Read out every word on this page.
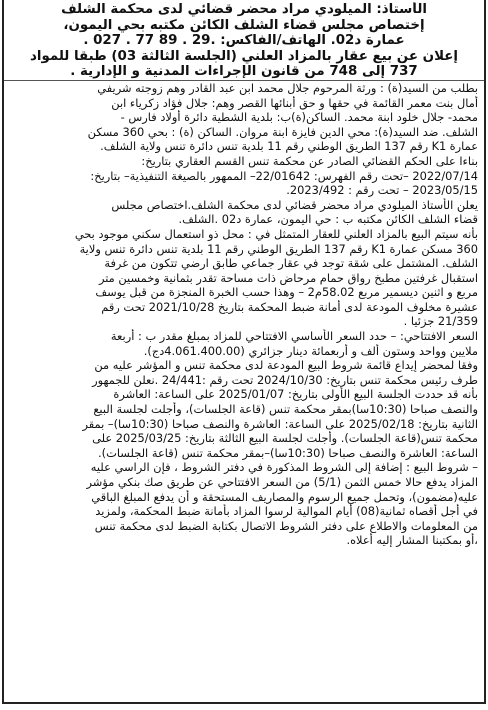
الأستاذ: الميلودي مراد محضر قضائي لدى محكمة الشلف
إختصاص مجلس قضاء الشلف الكائن مكتبه بحي اليمون،
عمارة د02. الهاتف/الفاكس: .29 . 89 77 . 027 .
إعلان عن بيع عقار بالمزاد العلني (الجلسة الثالثة 03) طبقا للمواد
737 إلى 748 من قانون الإجراءات المدنية و الإدارية .
بطلب من السيد(ة) : ورثة المرحوم جلال محمد ابن عبد القادر وهم زوجته شريفي
أمال بنت معمر القائمة في حقها و حق أبنائها القصر وهم: جلال فؤاد زكرياء ابن
محمد- جلال خلود ابنة محمد. الساكن(ة)ب: بلدية الشطية دائرة أولاد فارس -
الشلف. ضد السيد(ة): محي الدين فايزة ابنة مروان. الساكن (ة) : بحي 360 مسكن
عمارة K1 رقم 137 الطريق الوطني رقم 11 بلدية تنس دائرة تنس ولاية الشلف.
بناءا على الحكم القضائي الصادر عن محكمة تنس القسم العقاري بتاريخ:
2022/07/14 –تحت رقم الفهرس: 22/01642– الممهور بالصيغة التنفيذية– بتاريخ:
2023/05/15 – تحت رقم : 2023/492.
يعلن الأستاذ الميلودي مراد محضر قضائي لدى محكمة الشلف.اختصاص مجلس
قضاء الشلف الكائن مكتبه ب : حي اليمون، عمارة د02 .الشلف.
بأنه سيتم البيع بالمزاد العلني للعقار المتمثل في : محل ذو استعمال سكني موجود بحي
360 مسكن عمارة K1 رقم 137 الطريق الوطني رقم 11 بلدية تنس دائرة تنس ولاية
الشلف. المشتمل على شقة توجد في عقار جماعي طابق ارضي تتكون من غرفة
استقبال غرفتين مطبخ رواق حمام مرحاض ذات مساحة تقدر بثمانية وخمسين متر
مربع و اثنين ديسمير مربع 58.02م2 – وهذا حسب الخبرة المنجزة من قبل يوسف
عشيرة مخلوف المودعة لدى أمانة ضبط المحكمة بتاريخ 2021/10/28 تحت رقم
21/359 جزئيا .
السعر الافتتاحي: – حدد السعر الأساسي الافتتاحي للمزاد بمبلغ مقدر ب : أربعة
ملايين وواحد وستون ألف و أربعمائة دينار جزائري (4.061.400.00دج).
وفقا لمحضر إيداع قائمة شروط البيع المودعة لدى محكمة تنس و المؤشر عليه من
طرف رئيس محكمة تنس بتاريخ: 2024/10/30 تحت رقم :24/441 .نعلن للجمهور
بأنه قد حددت الجلسة البيع الأولى بتاريخ: 2025/01/07 على الساعة: العاشرة
والنصف صباحا (10:30سا)بمقر محكمة تنس (قاعة الجلسات)، وأجلت لجلسة البيع
الثانية بتاريخ: 2025/02/18 على الساعة: العاشرة والنصف صباحا (10:30سا)– بمقر
محكمة تنس(قاعة الجلسات). وأجلت لجلسة البيع الثالثة بتاريخ: 2025/03/25 على
الساعة: العاشرة والنصف صباحا (10:30سا)–بمقر محكمة تنس (قاعة الجلسات).
– شروط البيع : إضافة إلى الشروط المذكورة في دفتر الشروط ، فإن الراسي عليه
المزاد يدفع حالا خمس الثمن (5/1) من السعر الافتتاحي عن طريق صك بنكي مؤشر
عليه(مضمون)، وتحمل جميع الرسوم والمصاريف المستحقة و أن يدفع المبلغ الباقي
في أجل أقصاه ثمانية(08) أيام الموالية لرسوا المزاد بأمانة ضبط المحكمة، ولمزيد
من المعلومات والاطلاع على دفتر الشروط الاتصال بكتابة الضبط لدى محكمة تنس
،أو بمكتبنا المشار إليه أعلاه.
